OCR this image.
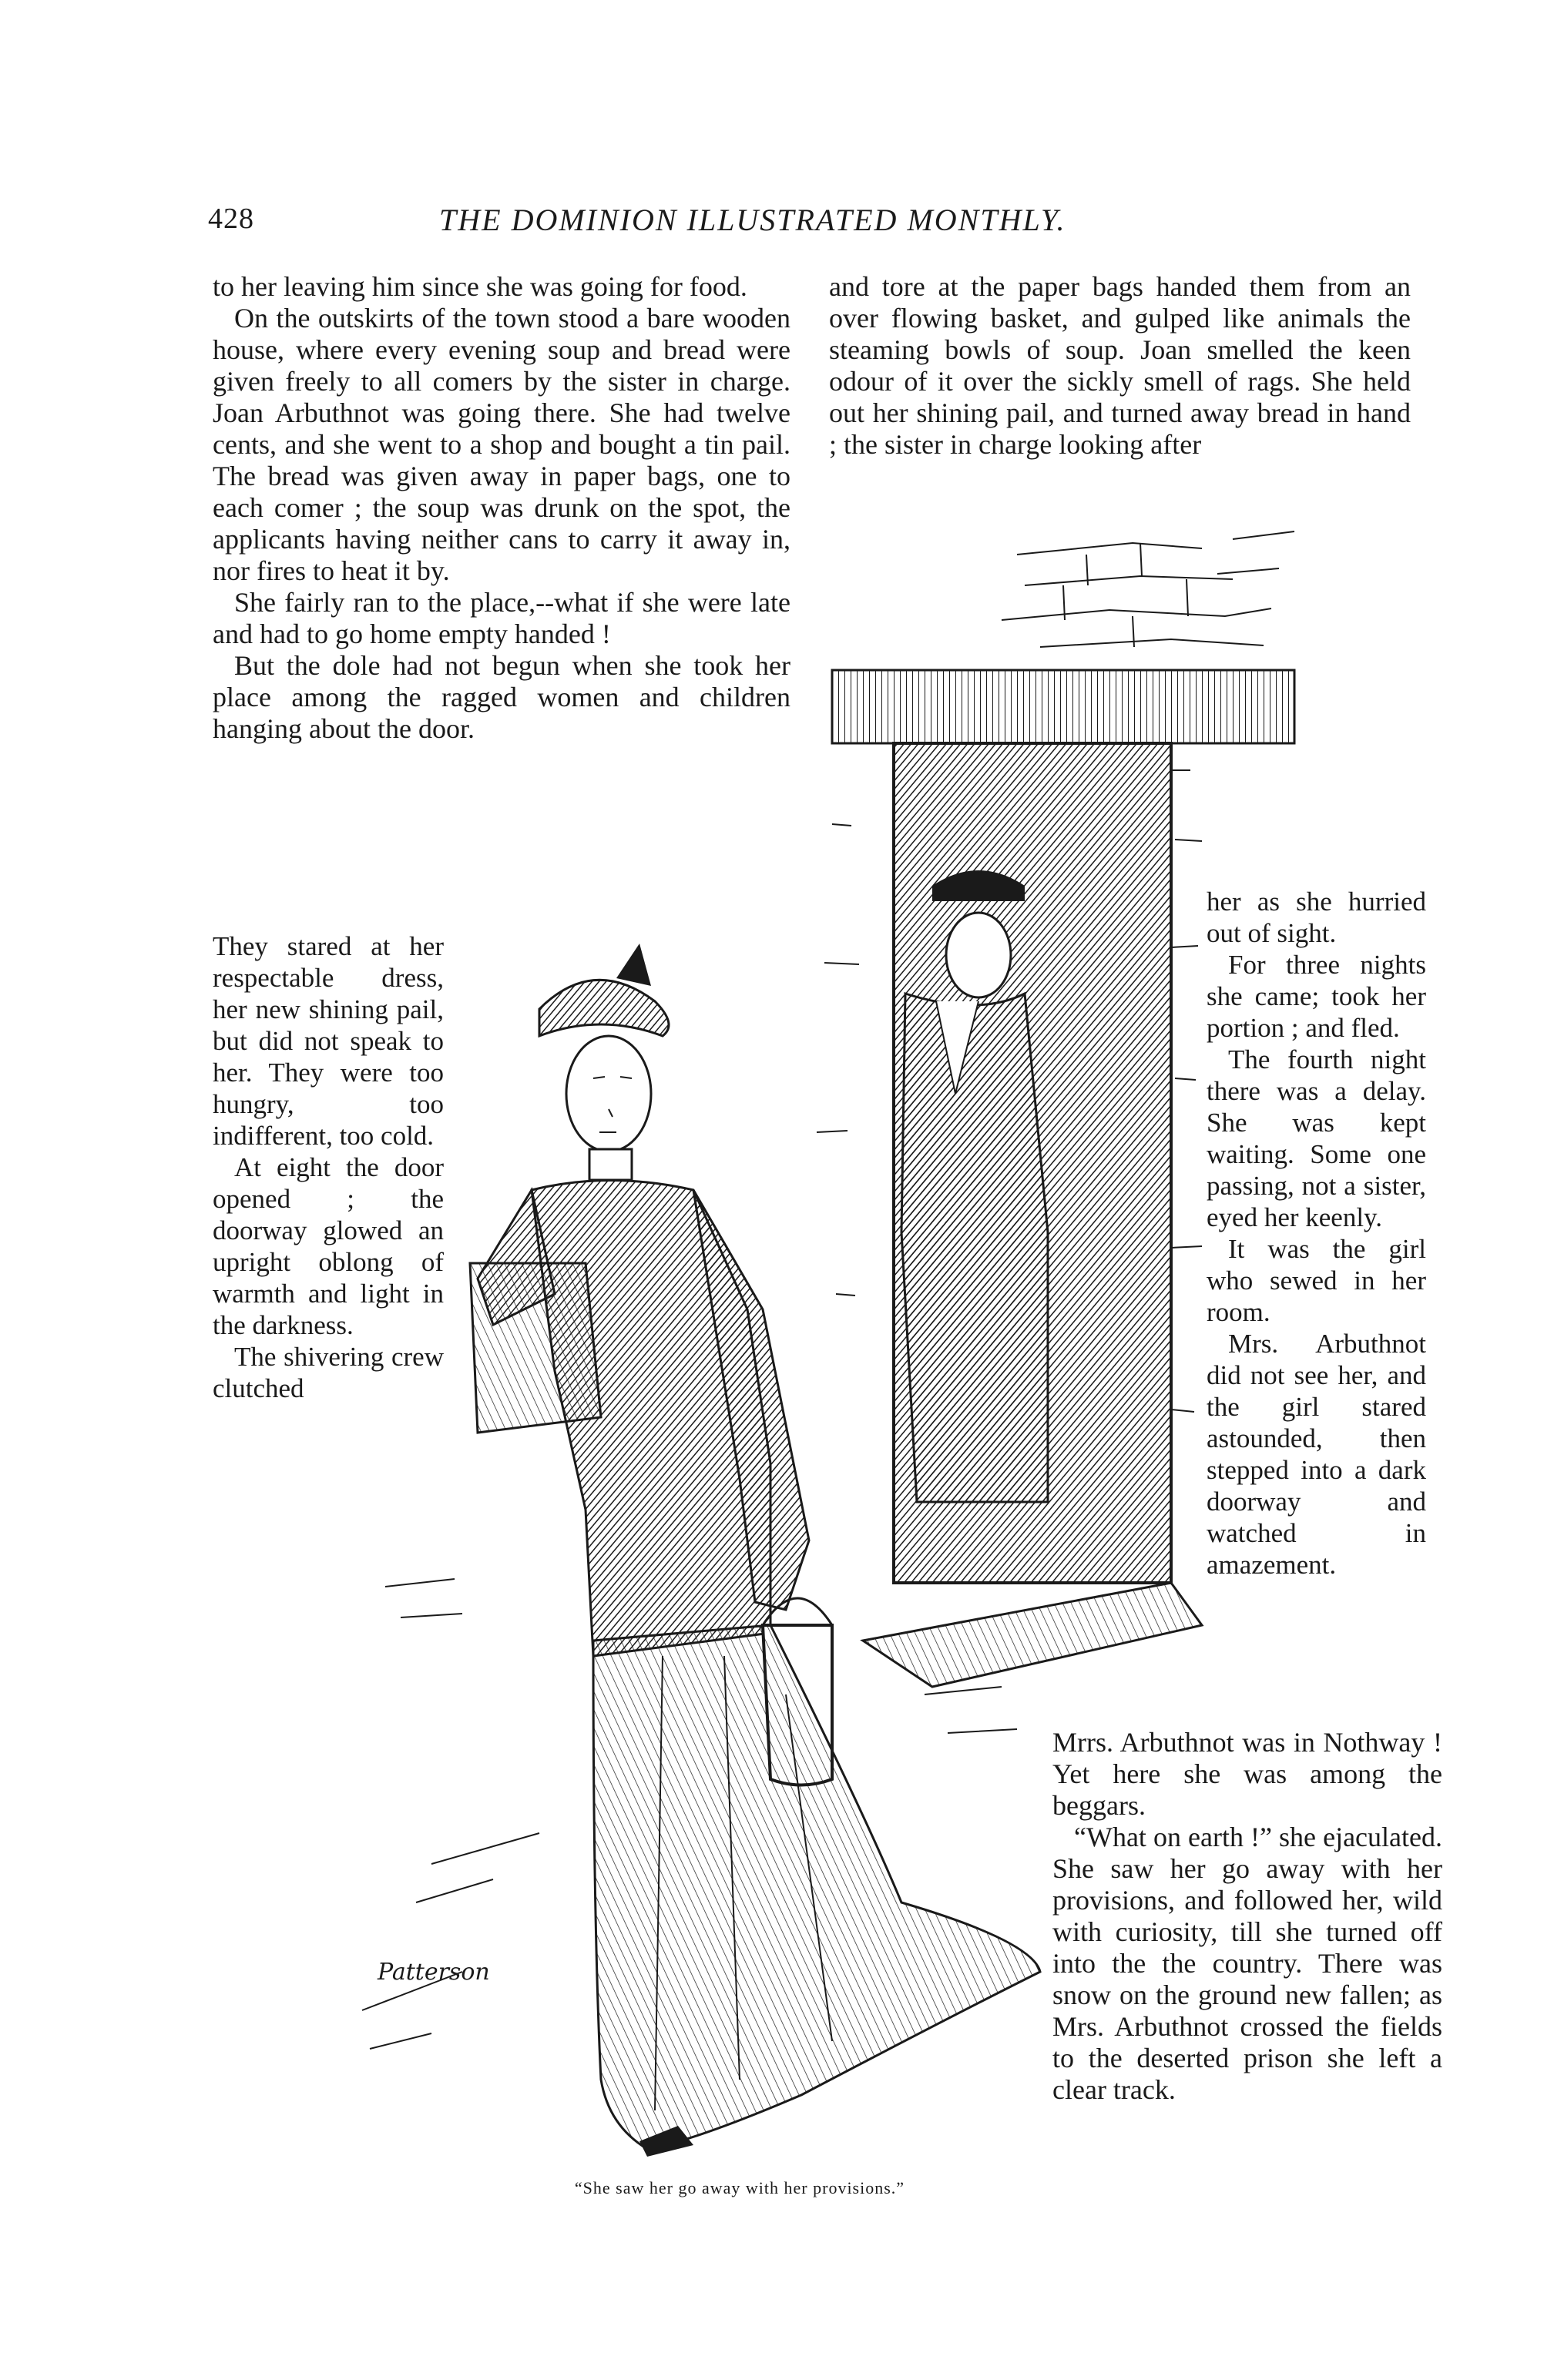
428	THE DOMINION ILLUSTRATED MONTHLY.

to her leaving him since she was going for food.

On the outskirts of the town stood a bare wooden house, where every evening soup and bread were given freely to all comers by the sister in charge. Joan Arbuthnot was going there. She had twelve cents, and she went to a shop and bought a tin pail. The bread was given away in paper bags, one to each comer ; the soup was drunk on the spot, the applicants having neither cans to carry it away in, nor fires to heat it by.

She fairly ran to the place,--what if she were late and had to go home empty handed !

But the dole had not begun when she took her place among the ragged women and children hanging about the door.

They stared at her respectable dress, her new shining pail, but did not speak to her. They were too hungry, too indifferent, too cold.

At eight the door opened ; the doorway glowed an upright oblong of warmth and light in the darkness.

The shivering crew clutched

and tore at the paper bags handed them from an over flowing basket, and gulped like animals the steaming bowls of soup. Joan smelled the keen odour of it over the sickly smell of rags. She held out her shining pail, and turned away bread in hand ; the sister in charge looking after

her as she hurried out of sight.

For three nights she came; took her portion ; and fled.

The fourth night there was a delay. She was kept waiting. Some one passing, not a sister, eyed her keenly.

It was the girl who sewed in her room.

Mrs. Arbuthnot did not see her, and the girl stared astounded, then stepped into a dark doorway and watched in amazement.

Mrrs. Arbuthnot was in Nothway ! Yet here she was among the beggars.

“What on earth !” she ejaculated. She saw her go away with her provisions, and followed her, wild with curiosity, till she turned off into the the country. There was snow on the ground new fallen; as Mrs. Arbuthnot crossed the fields to the deserted prison she left a clear track.

Patterson
“She saw her go away with her provisions.”
